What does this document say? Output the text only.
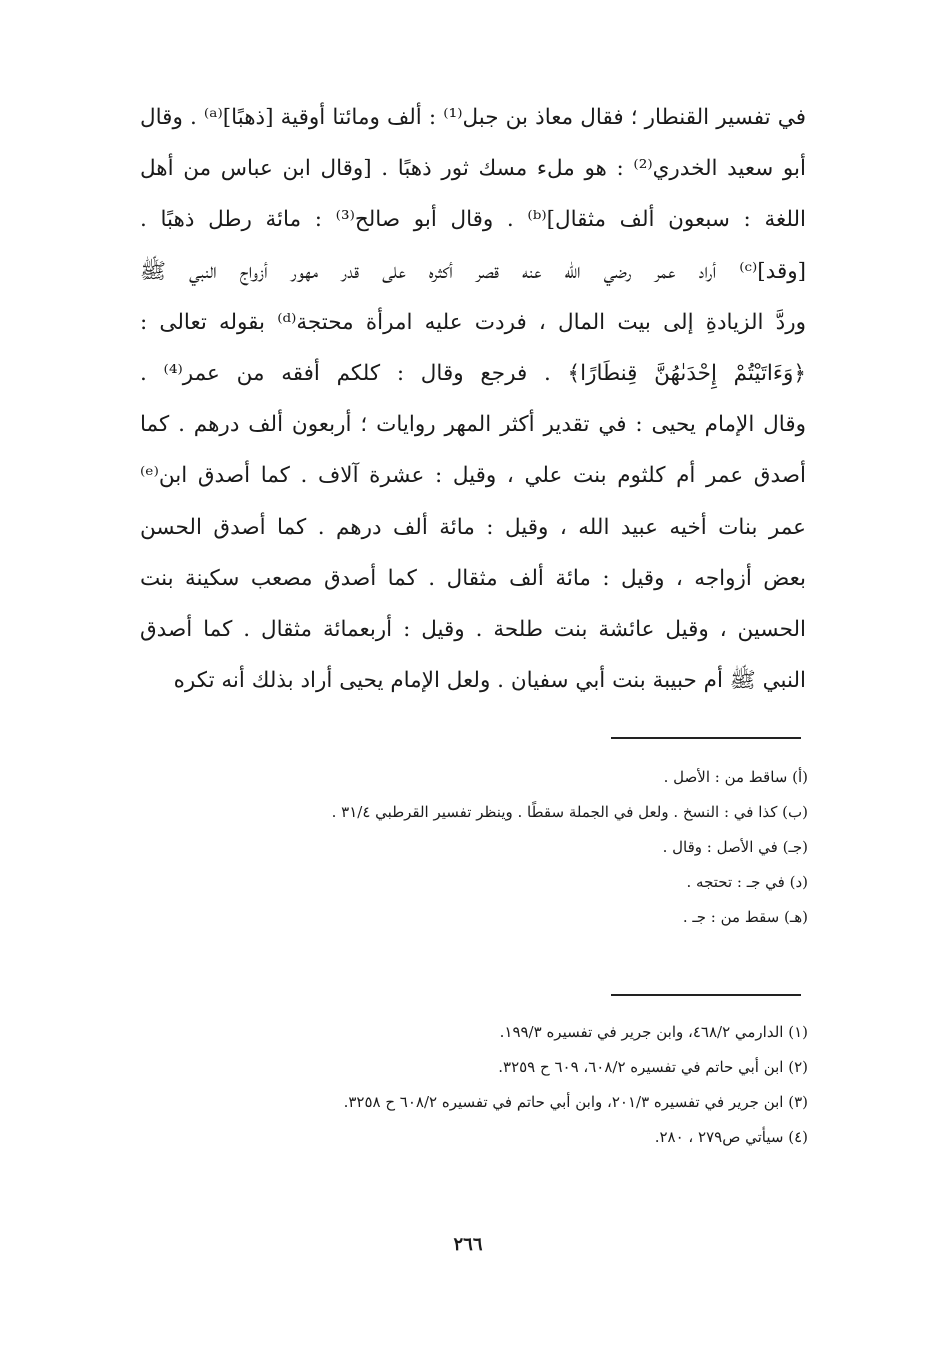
في تفسير القنطار ؛ فقال معاذ بن جبل⁽¹⁾ : ألف ومائتا أوقية [ذهبًا]⁽ᵃ⁾ . وقال
أبو سعيد الخدري⁽²⁾ : هو ملء مسك ثور ذهبًا . [وقال ابن عباس من أهل
اللغة : سبعون ألف مثقال]⁽ᵇ⁾ . وقال أبو صالح⁽³⁾ : مائة رطل ذهبًا .
[وقد]⁽ᶜ⁾ أراد عمر رضي الله عنه قصر أكثره على قدر مهور أزواج النبي ﷺ
وردَّ الزيادةِ إلى بيت المال ، فردت عليه امرأة محتجة⁽ᵈ⁾ بقوله تعالى :
﴿وَءَاتَيْتُمْ إِحْدَىٰهُنَّ قِنطَارًا﴾ . فرجع وقال : كلكم أفقه من عمر⁽⁴⁾ .
وقال الإمام يحيى : في تقدير أكثر المهر روايات ؛ أربعون ألف درهم . كما
أصدق عمر أم كلثوم بنت علي ، وقيل : عشرة آلاف . كما أصدق ابن⁽ᵉ⁾
عمر بنات أخيه عبيد الله ، وقيل : مائة ألف درهم . كما أصدق الحسن
بعض أزواجه ، وقيل : مائة ألف مثقال . كما أصدق مصعب سكينة بنت
الحسين ، وقيل عائشة بنت طلحة . وقيل : أربعمائة مثقال . كما أصدق
النبي ﷺ أم حبيبة بنت أبي سفيان . ولعل الإمام يحيى أراد بذلك أنه تكره
(أ) ساقط من : الأصل .
(ب) كذا في : النسخ . ولعل في الجملة سقطًا . وينظر تفسير القرطبي ٣١/٤ .
(جـ) في الأصل : وقال .
(د) في جـ : تحتجه .
(هـ) سقط من : جـ .
(١) الدارمي ٤٦٨/٢، وابن جرير في تفسيره ١٩٩/٣.
(٢) ابن أبي حاتم في تفسيره ٦٠٨/٢، ٦٠٩ ح ٣٢٥٩.
(٣) ابن جرير في تفسيره ٢٠١/٣، وابن أبي حاتم في تفسيره ٦٠٨/٢ ح ٣٢٥٨.
(٤) سيأتي ص٢٧٩ ، ٢٨٠.
٢٦٦
